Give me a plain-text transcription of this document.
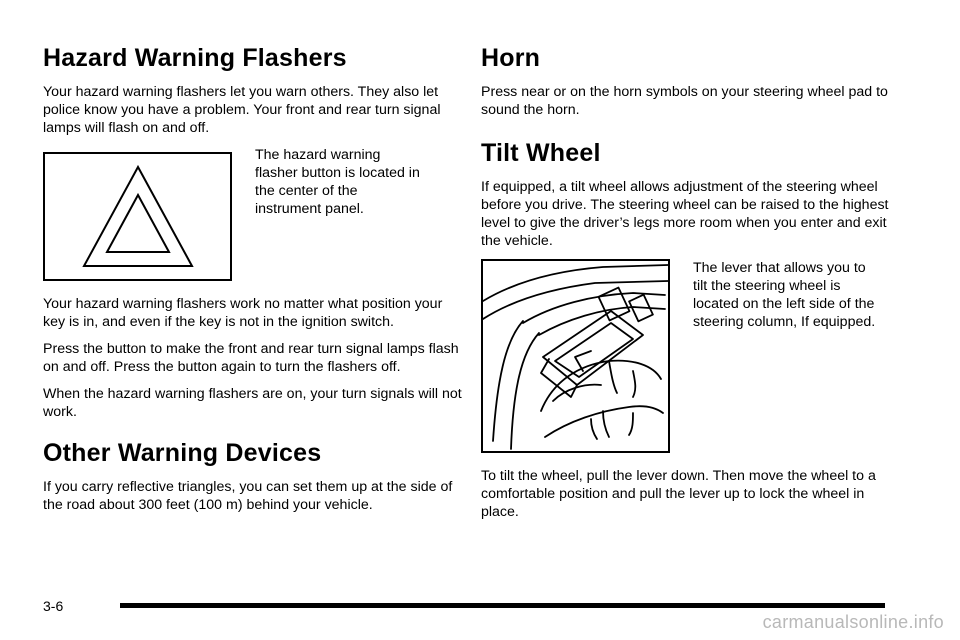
Hazard Warning Flashers

Your hazard warning flashers let you warn others. They also let police know you have a problem. Your front and rear turn signal lamps will flash on and off.

The hazard warning flasher button is located in the center of the instrument panel.

Your hazard warning flashers work no matter what position your key is in, and even if the key is not in the ignition switch.

Press the button to make the front and rear turn signal lamps flash on and off. Press the button again to turn the flashers off.

When the hazard warning flashers are on, your turn signals will not work.

Other Warning Devices

If you carry reflective triangles, you can set them up at the side of the road about 300 feet (100 m) behind your vehicle.

Horn

Press near or on the horn symbols on your steering wheel pad to sound the horn.

Tilt Wheel

If equipped, a tilt wheel allows adjustment of the steering wheel before you drive. The steering wheel can be raised to the highest level to give the driver’s legs more room when you enter and exit the vehicle.

The lever that allows you to tilt the steering wheel is located on the left side of the steering column, If equipped.

To tilt the wheel, pull the lever down. Then move the wheel to a comfortable position and pull the lever up to lock the wheel in place.

3-6
carmanualsonline.info
